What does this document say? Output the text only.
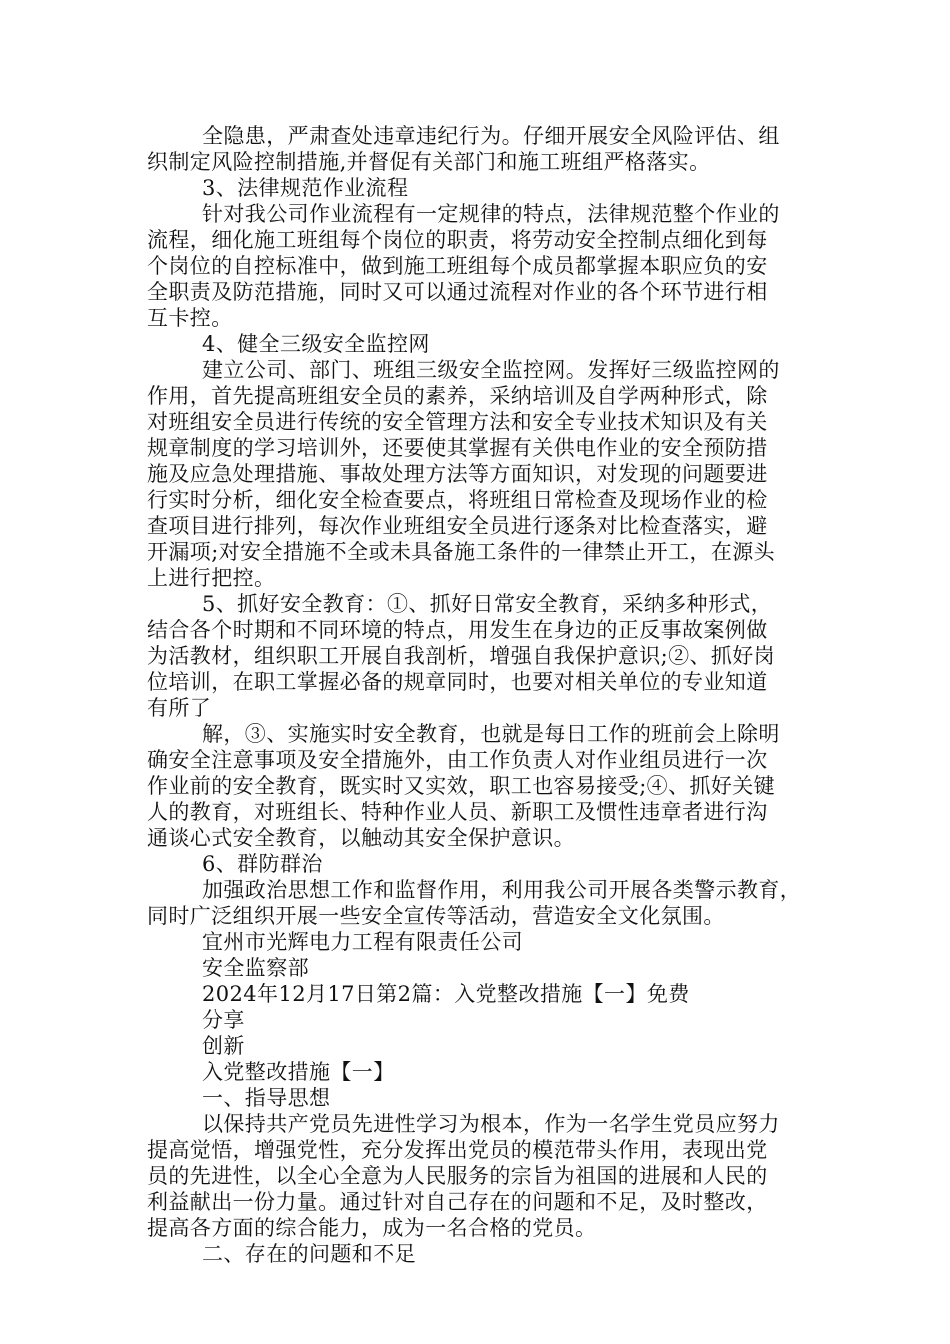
全隐患，严肃查处违章违纪行为。仔细开展安全风险评估、组
织制定风险控制措施,并督促有关部门和施工班组严格落实。
3、法律规范作业流程
针对我公司作业流程有一定规律的特点，法律规范整个作业的
流程，细化施工班组每个岗位的职责，将劳动安全控制点细化到每
个岗位的自控标准中，做到施工班组每个成员都掌握本职应负的安
全职责及防范措施，同时又可以通过流程对作业的各个环节进行相
互卡控。
4、健全三级安全监控网
建立公司、部门、班组三级安全监控网。发挥好三级监控网的
作用，首先提高班组安全员的素养，采纳培训及自学两种形式，除
对班组安全员进行传统的安全管理方法和安全专业技术知识及有关
规章制度的学习培训外，还要使其掌握有关供电作业的安全预防措
施及应急处理措施、事故处理方法等方面知识，对发现的问题要进
行实时分析，细化安全检查要点，将班组日常检查及现场作业的检
查项目进行排列，每次作业班组安全员进行逐条对比检查落实，避
开漏项;对安全措施不全或未具备施工条件的一律禁止开工，在源头
上进行把控。
5、抓好安全教育：①、抓好日常安全教育，采纳多种形式，
结合各个时期和不同环境的特点，用发生在身边的正反事故案例做
为活教材，组织职工开展自我剖析，增强自我保护意识;②、抓好岗
位培训，在职工掌握必备的规章同时，也要对相关单位的专业知道
有所了
解，③、实施实时安全教育，也就是每日工作的班前会上除明
确安全注意事项及安全措施外，由工作负责人对作业组员进行一次
作业前的安全教育，既实时又实效，职工也容易接受;④、抓好关键
人的教育，对班组长、特种作业人员、新职工及惯性违章者进行沟
通谈心式安全教育，以触动其安全保护意识。
6、群防群治
加强政治思想工作和监督作用，利用我公司开展各类警示教育，
同时广泛组织开展一些安全宣传等活动，营造安全文化氛围。
宜州市光辉电力工程有限责任公司
安全监察部
2024年12月17日第2篇：入党整改措施【一】免费
分享
创新
入党整改措施【一】
一、指导思想
以保持共产党员先进性学习为根本，作为一名学生党员应努力
提高觉悟，增强党性，充分发挥出党员的模范带头作用，表现出党
员的先进性，以全心全意为人民服务的宗旨为祖国的进展和人民的
利益献出一份力量。通过针对自己存在的问题和不足，及时整改，
提高各方面的综合能力，成为一名合格的党员。
二、存在的问题和不足
